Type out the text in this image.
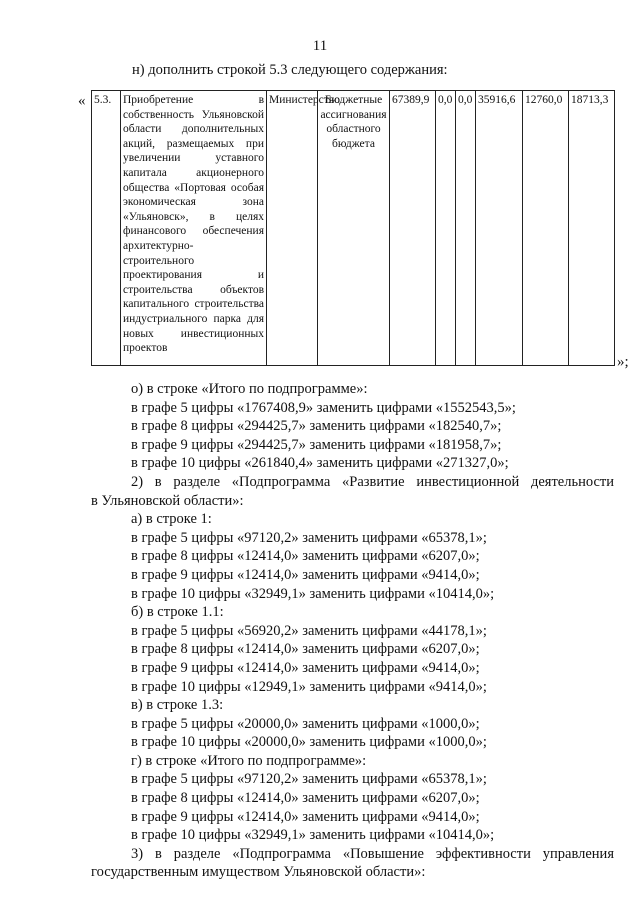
11
н) дополнить строкой 5.3 следующего содержания:
« 5.3.	Приобретение в собственность Ульяновской области дополнительных акций, размещаемых при увеличении уставного капитала акционерного общества «Портовая особая экономическая зона «Ульяновск», в целях финансового обеспечения архитектурно-строительного проектирования и строительства объектов капитального строительства индустриального парка для новых инвестиционных проектов	Министерство	Бюджетные ассигнования областного бюджета	67389,9	0,0	0,0	35916,6	12760,0	18713,3
»;
о) в строке «Итого по подпрограмме»:
в графе 5 цифры «1767408,9» заменить цифрами «1552543,5»;
в графе 8 цифры «294425,7» заменить цифрами «182540,7»;
в графе 9 цифры «294425,7» заменить цифрами «181958,7»;
в графе 10 цифры «261840,4» заменить цифрами «271327,0»;
2) в разделе «Подпрограмма «Развитие инвестиционной деятельности
в Ульяновской области»:
а) в строке 1:
в графе 5 цифры «97120,2» заменить цифрами «65378,1»;
в графе 8 цифры «12414,0» заменить цифрами «6207,0»;
в графе 9 цифры «12414,0» заменить цифрами «9414,0»;
в графе 10 цифры «32949,1» заменить цифрами «10414,0»;
б) в строке 1.1:
в графе 5 цифры «56920,2» заменить цифрами «44178,1»;
в графе 8 цифры «12414,0» заменить цифрами «6207,0»;
в графе 9 цифры «12414,0» заменить цифрами «9414,0»;
в графе 10 цифры «12949,1» заменить цифрами «9414,0»;
в) в строке 1.3:
в графе 5 цифры «20000,0» заменить цифрами «1000,0»;
в графе 10 цифры «20000,0» заменить цифрами «1000,0»;
г) в строке «Итого по подпрограмме»:
в графе 5 цифры «97120,2» заменить цифрами «65378,1»;
в графе 8 цифры «12414,0» заменить цифрами «6207,0»;
в графе 9 цифры «12414,0» заменить цифрами «9414,0»;
в графе 10 цифры «32949,1» заменить цифрами «10414,0»;
3) в разделе «Подпрограмма «Повышение эффективности управления
государственным имуществом Ульяновской области»:
